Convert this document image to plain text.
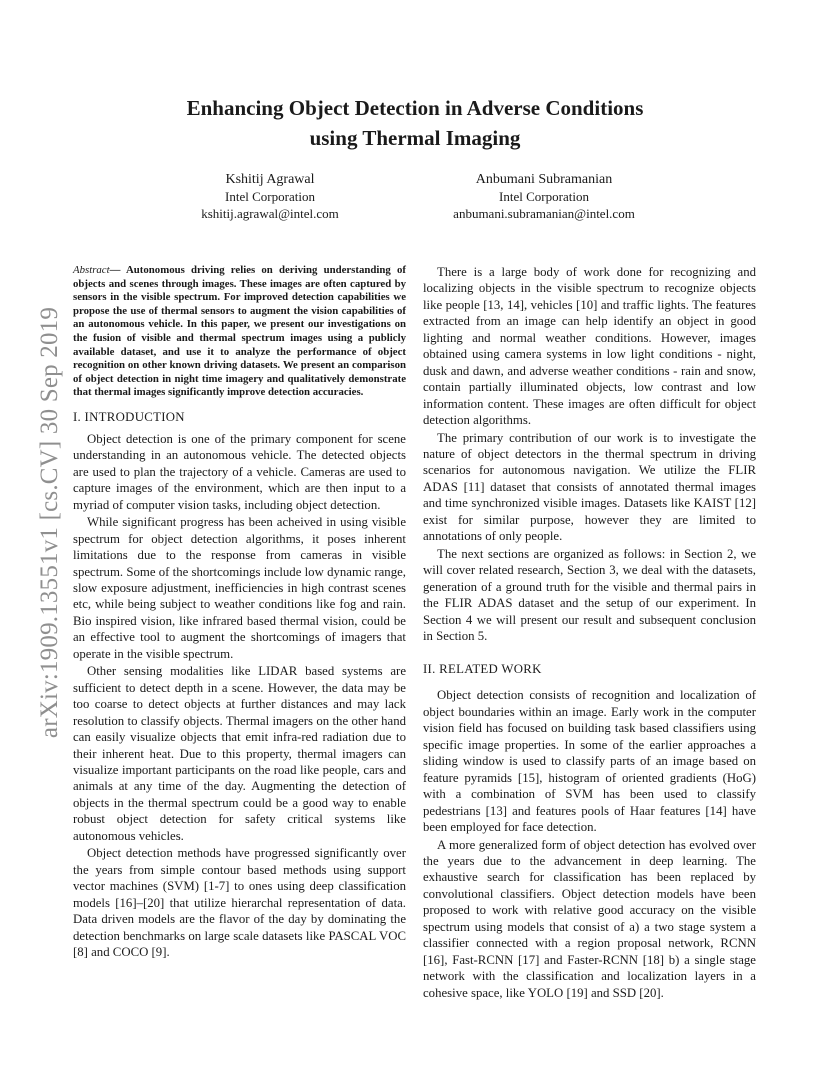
Enhancing Object Detection in Adverse Conditions
using Thermal Imaging
Kshitij Agrawal
Intel Corporation
kshitij.agrawal@intel.com
Anbumani Subramanian
Intel Corporation
anbumani.subramanian@intel.com
arXiv:1909.13551v1 [cs.CV] 30 Sep 2019

Abstract— Autonomous driving relies on deriving understanding of objects and scenes through images. These images are often captured by sensors in the visible spectrum. For improved detection capabilities we propose the use of thermal sensors to augment the vision capabilities of an autonomous vehicle. In this paper, we present our investigations on the fusion of visible and thermal spectrum images using a publicly available dataset, and use it to analyze the performance of object recognition on other known driving datasets. We present an comparison of object detection in night time imagery and qualitatively demonstrate that thermal images significantly improve detection accuracies.

I. INTRODUCTION

Object detection is one of the primary component for scene understanding in an autonomous vehicle. The detected objects are used to plan the trajectory of a vehicle. Cameras are used to capture images of the environment, which are then input to a myriad of computer vision tasks, including object detection.

While significant progress has been acheived in using visible spectrum for object detection algorithms, it poses inherent limitations due to the response from cameras in visible spectrum. Some of the shortcomings include low dynamic range, slow exposure adjustment, inefficiencies in high contrast scenes etc, while being subject to weather conditions like fog and rain. Bio inspired vision, like infrared based thermal vision, could be an effective tool to augment the shortcomings of imagers that operate in the visible spectrum.

Other sensing modalities like LIDAR based systems are sufficient to detect depth in a scene. However, the data may be too coarse to detect objects at further distances and may lack resolution to classify objects. Thermal imagers on the other hand can easily visualize objects that emit infra-red radiation due to their inherent heat. Due to this property, thermal imagers can visualize important participants on the road like people, cars and animals at any time of the day. Augmenting the detection of objects in the thermal spectrum could be a good way to enable robust object detection for safety critical systems like autonomous vehicles.

Object detection methods have progressed significantly over the years from simple contour based methods using support vector machines (SVM) [1-7] to ones using deep classification models [16]–[20] that utilize hierarchal representation of data. Data driven models are the flavor of the day by dominating the detection benchmarks on large scale datasets like PASCAL VOC [8] and COCO [9].

There is a large body of work done for recognizing and localizing objects in the visible spectrum to recognize objects like people [13, 14], vehicles [10] and traffic lights. The features extracted from an image can help identify an object in good lighting and normal weather conditions. However, images obtained using camera systems in low light conditions - night, dusk and dawn, and adverse weather conditions - rain and snow, contain partially illuminated objects, low contrast and low information content. These images are often difficult for object detection algorithms.

The primary contribution of our work is to investigate the nature of object detectors in the thermal spectrum in driving scenarios for autonomous navigation. We utilize the FLIR ADAS [11] dataset that consists of annotated thermal images and time synchronized visible images. Datasets like KAIST [12] exist for similar purpose, however they are limited to annotations of only people.

The next sections are organized as follows: in Section 2, we will cover related research, Section 3, we deal with the datasets, generation of a ground truth for the visible and thermal pairs in the FLIR ADAS dataset and the setup of our experiment. In Section 4 we will present our result and subsequent conclusion in Section 5.

II. RELATED WORK

Object detection consists of recognition and localization of object boundaries within an image. Early work in the computer vision field has focused on building task based classifiers using specific image properties. In some of the earlier approaches a sliding window is used to classify parts of an image based on feature pyramids [15], histogram of oriented gradients (HoG) with a combination of SVM has been used to classify pedestrians [13] and features pools of Haar features [14] have been employed for face detection.

A more generalized form of object detection has evolved over the years due to the advancement in deep learning. The exhaustive search for classification has been replaced by convolutional classifiers. Object detection models have been proposed to work with relative good accuracy on the visible spectrum using models that consist of a) a two stage system a classifier connected with a region proposal network, RCNN [16], Fast-RCNN [17] and Faster-RCNN [18] b) a single stage network with the classification and localization layers in a cohesive space, like YOLO [19] and SSD [20].
